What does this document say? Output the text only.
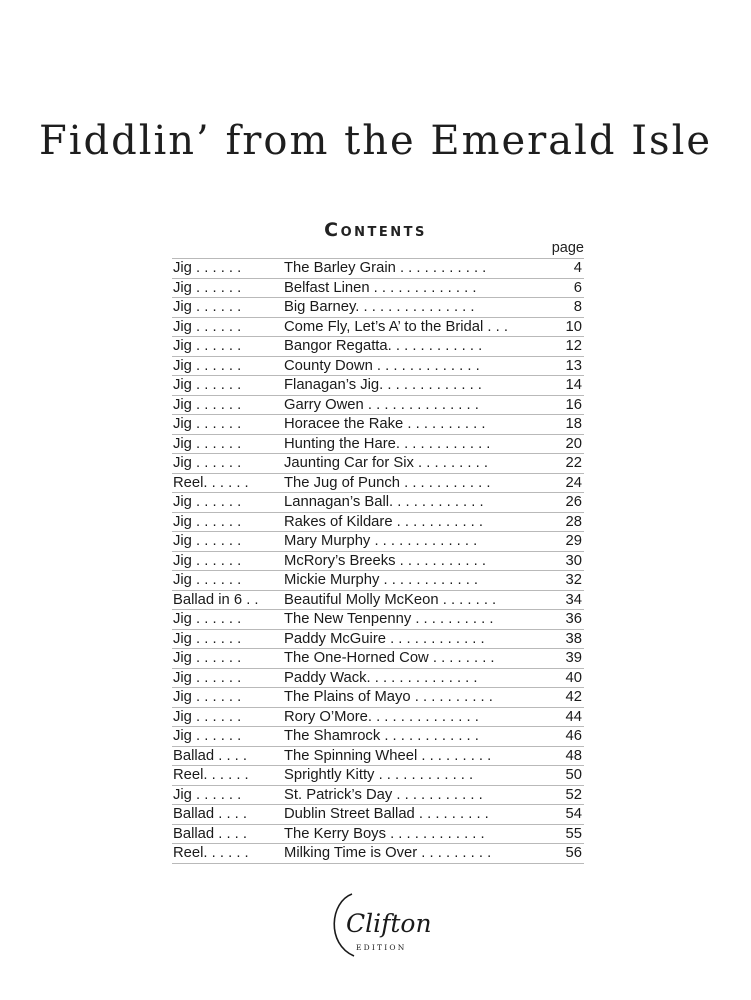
Fiddlin’ from the Emerald Isle
Contents
page
Jig . . . . . .	The Barley Grain . . . . . . . . . . .	4
Jig . . . . . .	Belfast Linen . . . . . . . . . . . . .	6
Jig . . . . . .	Big Barney. . . . . . . . . . . . . . .	8
Jig . . . . . .	Come Fly, Let’s A’ to the Bridal . . .	10
Jig . . . . . .	Bangor Regatta. . . . . . . . . . . .	12
Jig . . . . . .	County Down . . . . . . . . . . . . .	13
Jig . . . . . .	Flanagan’s Jig. . . . . . . . . . . . .	14
Jig . . . . . .	Garry Owen . . . . . . . . . . . . . .	16
Jig . . . . . .	Horacee the Rake . . . . . . . . . .	18
Jig . . . . . .	Hunting the Hare. . . . . . . . . . . .	20
Jig . . . . . .	Jaunting Car for Six . . . . . . . . .	22
Reel. . . . . .	The Jug of Punch . . . . . . . . . . .	24
Jig . . . . . .	Lannagan’s Ball. . . . . . . . . . . .	26
Jig . . . . . .	Rakes of Kildare . . . . . . . . . . .	28
Jig . . . . . .	Mary Murphy . . . . . . . . . . . . .	29
Jig . . . . . .	McRory’s Breeks . . . . . . . . . . .	30
Jig . . . . . .	Mickie Murphy . . . . . . . . . . . .	32
Ballad in 6 . .	Beautiful Molly McKeon . . . . . . .	34
Jig . . . . . .	The New Tenpenny . . . . . . . . . .	36
Jig . . . . . .	Paddy McGuire . . . . . . . . . . . .	38
Jig . . . . . .	The One-Horned Cow . . . . . . . .	39
Jig . . . . . .	Paddy Wack. . . . . . . . . . . . . .	40
Jig . . . . . .	The Plains of Mayo . . . . . . . . . .	42
Jig . . . . . .	Rory O’More. . . . . . . . . . . . . .	44
Jig . . . . . .	The Shamrock . . . . . . . . . . . .	46
Ballad . . . .	The Spinning Wheel . . . . . . . . .	48
Reel. . . . . .	Sprightly Kitty . . . . . . . . . . . .	50
Jig . . . . . .	St. Patrick’s Day . . . . . . . . . . .	52
Ballad . . . .	Dublin Street Ballad . . . . . . . . .	54
Ballad . . . .	The Kerry Boys . . . . . . . . . . . .	55
Reel. . . . . .	Milking Time is Over . . . . . . . . .	56
Clifton
EDITION
